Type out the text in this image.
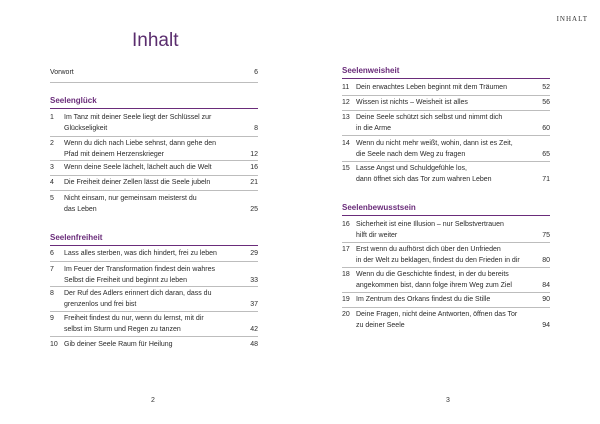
Inhalt
Vorwort	6
Seelenglück
1	Im Tanz mit deiner Seele liegt der Schlüssel zur
Glückseligkeit	8
2	Wenn du dich nach Liebe sehnst, dann gehe den
Pfad mit deinem Herzenskrieger	12
3	Wenn deine Seele lächelt, lächelt auch die Welt	16
4	Die Freiheit deiner Zellen lässt die Seele jubeln	21
5	Nicht einsam, nur gemeinsam meisterst du
das Leben	25
Seelenfreiheit
6	Lass alles sterben, was dich hindert, frei zu leben	29
7	Im Feuer der Transformation findest dein wahres
Selbst die Freiheit und beginnt zu leben	33
8	Der Ruf des Adlers erinnert dich daran, dass du
grenzenlos und frei bist	37
9	Freiheit findest du nur, wenn du lernst, mit dir
selbst im Sturm und Regen zu tanzen	42
10 Gib deiner Seele Raum für Heilung	48
2
INHALT
Seelenweisheit
11 Dein erwachtes Leben beginnt mit dem Träumen	52
12 Wissen ist nichts – Weisheit ist alles	56
13 Deine Seele schützt sich selbst und nimmt dich
in die Arme	60
14 Wenn du nicht mehr weißt, wohin, dann ist es Zeit,
die Seele nach dem Weg zu fragen	65
15 Lasse Angst und Schuldgefühle los,
dann öffnet sich das Tor zum wahren Leben	71
Seelenbewusstsein
16 Sicherheit ist eine Illusion – nur Selbstvertrauen
hilft dir weiter	75
17 Erst wenn du aufhörst dich über den Unfrieden
in der Welt zu beklagen, findest du den Frieden in dir	80
18 Wenn du die Geschichte findest, in der du bereits
angekommen bist, dann folge ihrem Weg zum Ziel	84
19 Im Zentrum des Orkans findest du die Stille	90
20 Deine Fragen, nicht deine Antworten, öffnen das Tor
zu deiner Seele	94
3
